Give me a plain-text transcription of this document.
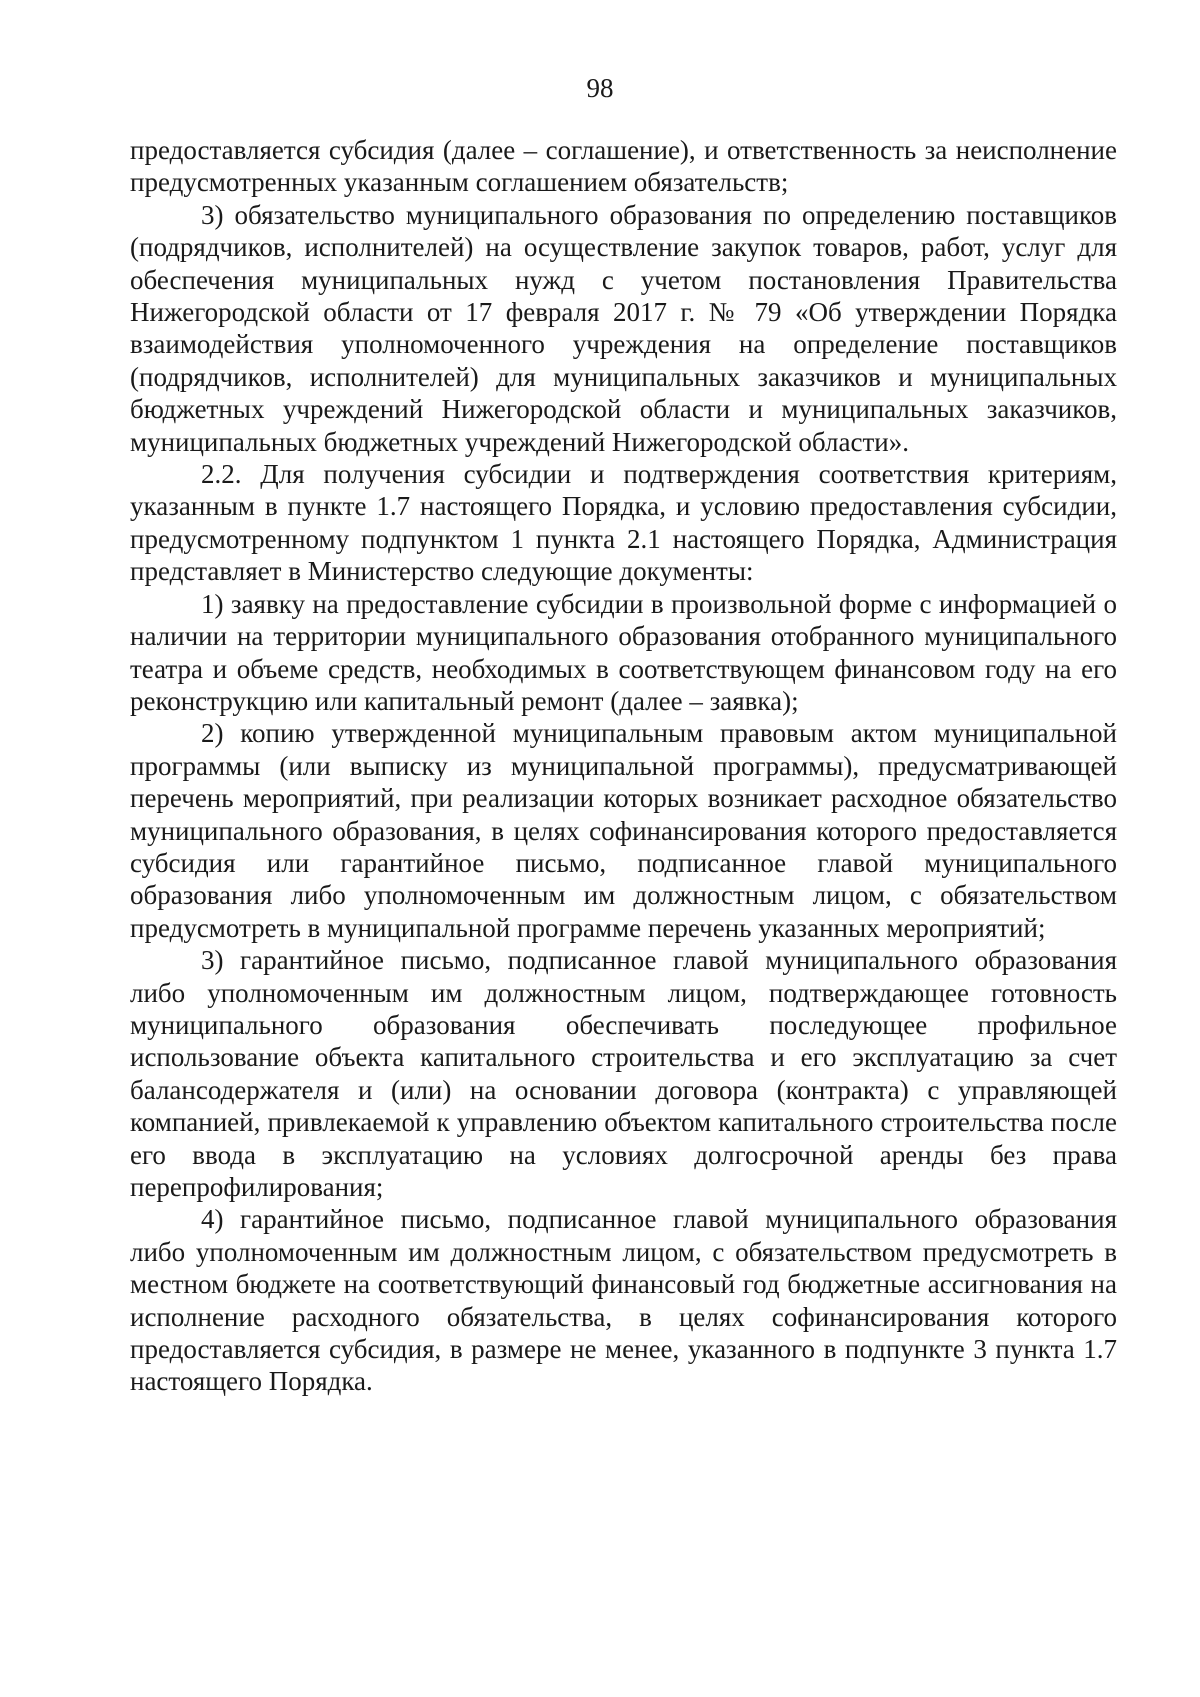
98

предоставляется субсидия (далее – соглашение), и ответственность за неисполнение предусмотренных указанным соглашением обязательств;

3) обязательство муниципального образования по определению поставщиков (подрядчиков, исполнителей) на осуществление закупок товаров, работ, услуг для обеспечения муниципальных нужд с учетом постановления Правительства Нижегородской области от 17 февраля 2017 г. № 79 «Об утверждении Порядка взаимодействия уполномоченного учреждения на определение поставщиков (подрядчиков, исполнителей) для муниципальных заказчиков и муниципальных бюджетных учреждений Нижегородской области и муниципальных заказчиков, муниципальных бюджетных учреждений Нижегородской области».

2.2. Для получения субсидии и подтверждения соответствия критериям, указанным в пункте 1.7 настоящего Порядка, и условию предоставления субсидии, предусмотренному подпунктом 1 пункта 2.1 настоящего Порядка, Администрация представляет в Министерство следующие документы:

1) заявку на предоставление субсидии в произвольной форме с информацией о наличии на территории муниципального образования отобранного муниципального театра и объеме средств, необходимых в соответствующем финансовом году на его реконструкцию или капитальный ремонт (далее – заявка);

2) копию утвержденной муниципальным правовым актом муниципальной программы (или выписку из муниципальной программы), предусматривающей перечень мероприятий, при реализации которых возникает расходное обязательство муниципального образования, в целях софинансирования которого предоставляется субсидия или гарантийное письмо, подписанное главой муниципального образования либо уполномоченным им должностным лицом, с обязательством предусмотреть в муниципальной программе перечень указанных мероприятий;

3) гарантийное письмо, подписанное главой муниципального образования либо уполномоченным им должностным лицом, подтверждающее готовность муниципального образования обеспечивать последующее профильное использование объекта капитального строительства и его эксплуатацию за счет балансодержателя и (или) на основании договора (контракта) с управляющей компанией, привлекаемой к управлению объектом капитального строительства после его ввода в эксплуатацию на условиях долгосрочной аренды без права перепрофилирования;

4) гарантийное письмо, подписанное главой муниципального образования либо уполномоченным им должностным лицом, с обязательством предусмотреть в местном бюджете на соответствующий финансовый год бюджетные ассигнования на исполнение расходного обязательства, в целях софинансирования которого предоставляется субсидия, в размере не менее, указанного в подпункте 3 пункта 1.7 настоящего Порядка.
